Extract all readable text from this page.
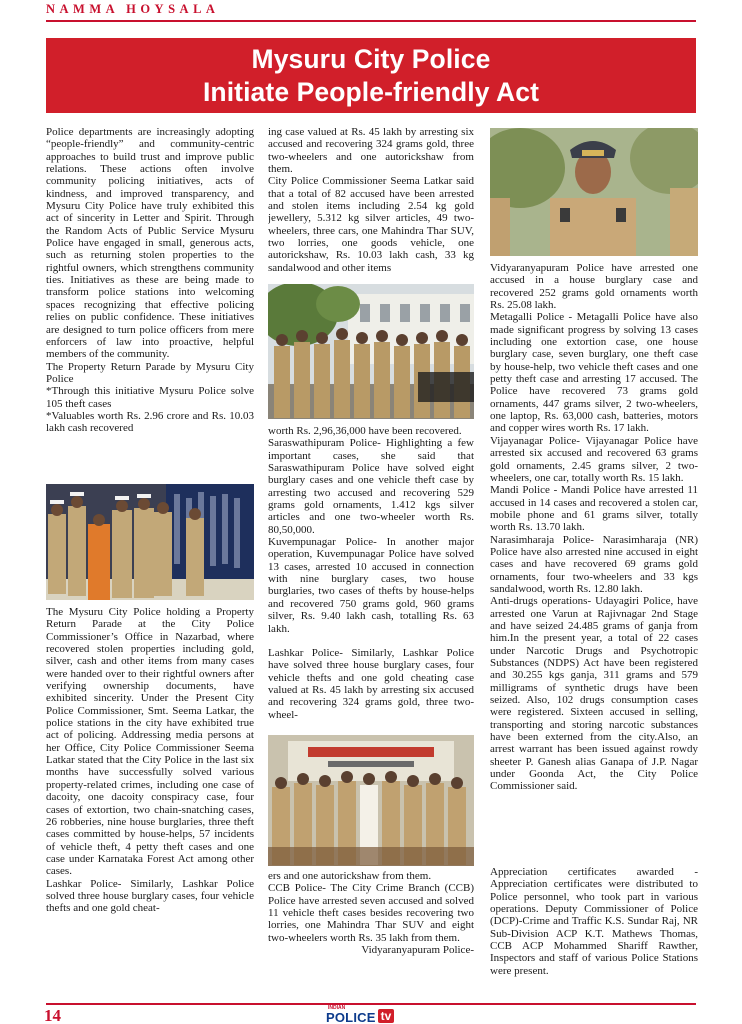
NAMMA HOYSALA
Mysuru City Police
Initiate People-friendly Act

Police departments are increasingly adopting “people-friendly” and community-centric approaches to build trust and improve public relations. These actions often involve community policing initiatives, acts of kindness, and improved transparency, and Mysuru City Police have truly exhibited this act of sincerity in Letter and Spirit. Through the Random Acts of Public Service Mysuru Police have engaged in small, generous acts, such as returning stolen properties to the rightful owners, which strengthens community ties. Initiatives as these are being made to transform police stations into welcoming spaces recognizing that effective policing relies on public confidence. These initiatives are designed to turn police officers from mere enforcers of law into proactive, helpful members of the community.

The Property Return Parade by Mysuru City Police

*Through this initiative Mysuru Police solve 105 theft cases

*Valuables worth Rs. 2.96 crore and Rs. 10.03 lakh cash recovered

The Mysuru City Police holding a Property Return Parade at the City Police Commissioner’s Office in Nazarbad, where recovered stolen properties including gold, silver, cash and other items from many cases were handed over to their rightful owners after verifying ownership documents, have exhibited sincerity. Under the Present City Police Commissioner, Smt. Seema Latkar, the police stations in the city have exhibited true act of policing. Addressing media persons at her Office, City Police Commissioner Seema Latkar stated that the City Police in the last six months have successfully solved various property-related crimes, including one case of dacoity, one dacoity conspiracy case, four cases of extortion, two chain-snatching cases, 26 robberies, nine house burglaries, three theft cases committed by house-helps, 57 incidents of vehicle theft, 4 petty theft cases and one case under Karnataka Forest Act among other cases.

Lashkar Police- Similarly, Lashkar Police solved three house burglary cases, four vehicle thefts and one gold cheat-

ing case valued at Rs. 45 lakh by arresting six accused and recovering 324 grams gold, three two-wheelers and one autorickshaw from them.

City Police Commissioner Seema Latkar said that a total of 82 accused have been arrested and stolen items including 2.54 kg gold jewellery, 5.312 kg silver articles, 49 two-wheelers, three cars, one Mahindra Thar SUV, two lorries, one goods vehicle, one autorickshaw, Rs. 10.03 lakh cash, 33 kg sandalwood and other items

worth Rs. 2,96,36,000 have been recovered.

Saraswathipuram Police- Highlighting a few important cases, she said that Saraswathipuram Police have solved eight burglary cases and one vehicle theft case by arresting two accused and recovering 529 grams gold ornaments, 1.412 kgs silver articles and one two-wheeler worth Rs. 80,50,000.

Kuvempunagar Police- In another major operation, Kuvempunagar Police have solved 13 cases, arrested 10 accused in connection with nine burglary cases, two house burglaries, two cases of thefts by house-helps and recovered 750 grams gold, 960 grams silver, Rs. 9.40 lakh cash, totalling Rs. 63 lakh.

Lashkar Police- Similarly, Lashkar Police have solved three house burglary cases, four vehicle thefts and one gold cheating case valued at Rs. 45 lakh by arresting six accused and recovering 324 grams gold, three two-wheel-

ers and one autorickshaw from them.

CCB Police- The City Crime Branch (CCB) Police have arrested seven accused and solved 11 vehicle theft cases besides recovering two lorries, one Mahindra Thar SUV and eight two-wheelers worth Rs. 35 lakh from them.

Vidyaranyapuram Police-

Vidyaranyapuram Police have arrested one accused in a house burglary case and recovered 252 grams gold ornaments worth Rs. 25.08 lakh.

Metagalli Police - Metagalli Police have also made significant progress by solving 13 cases including one extortion case, one house burglary case, seven burglary, one theft case by house-help, two vehicle theft cases and one petty theft case and arresting 17 accused. The Police have recovered 73 grams gold ornaments, 447 grams silver, 2 two-wheelers, one laptop, Rs. 63,000 cash, batteries, motors and copper wires worth Rs. 17 lakh.

Vijayanagar Police- Vijayanagar Police have arrested six accused and recovered 63 grams gold ornaments, 2.45 grams silver, 2 two-wheelers, one car, totally worth Rs. 15 lakh.

Mandi Police - Mandi Police have arrested 11 accused in 14 cases and recovered a stolen car, mobile phone and 61 grams silver, totally worth Rs. 13.70 lakh.

Narasimharaja Police- Narasimharaja (NR) Police have also arrested nine accused in eight cases and have recovered 69 grams gold ornaments, four two-wheelers and 33 kgs sandalwood, worth Rs. 12.80 lakh.

Anti-drugs operations- Udayagiri Police, have arrested one Varun at Rajivnagar 2nd Stage and have seized 24.485 grams of ganja from him.In the present year, a total of 22 cases under Narcotic Drugs and Psychotropic Substances (NDPS) Act have been registered and 30.255 kgs ganja, 311 grams and 579 milligrams of synthetic drugs have been seized. Also, 102 drugs consumption cases were registered. Sixteen accused in selling, transporting and storing narcotic substances have been externed from the city.Also, an arrest warrant has been issued against rowdy sheeter P. Ganesh alias Ganapa of J.P. Nagar under Goonda Act, the City Police Commissioner said.

Appreciation certificates awarded - Appreciation certificates were distributed to Police personnel, who took part in various operations. Deputy Commissioner of Police (DCP)-Crime and Traffic K.S. Sundar Raj, NR Sub-Division ACP K.T. Mathews Thomas, CCB ACP Mohammed Shariff Rawther, Inspectors and staff of various Police Stations were present.

14	INDIAN
POLICE tv
